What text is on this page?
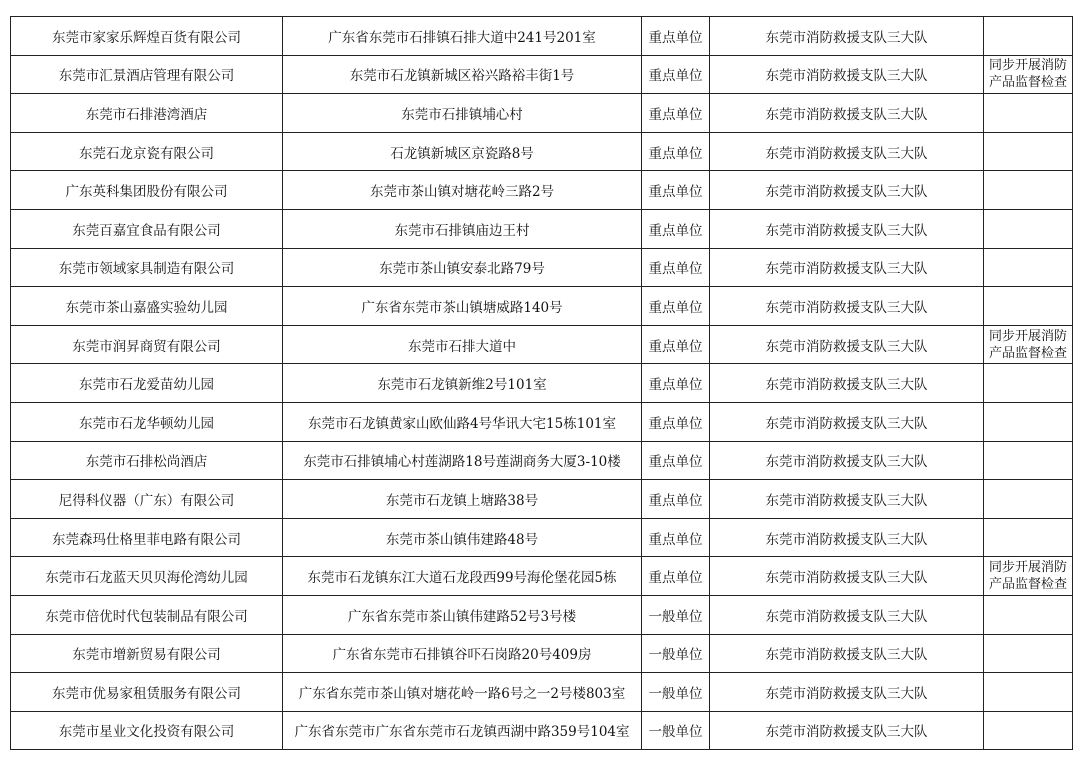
东莞市家家乐辉煌百货有限公司	广东省东莞市石排镇石排大道中241号201室	重点单位	东莞市消防救援支队三大队	
东莞市汇景酒店管理有限公司	东莞市石龙镇新城区裕兴路裕丰街1号	重点单位	东莞市消防救援支队三大队	同步开展消防产品监督检查
东莞市石排港湾酒店	东莞市石排镇埔心村	重点单位	东莞市消防救援支队三大队	
东莞石龙京瓷有限公司	石龙镇新城区京瓷路8号	重点单位	东莞市消防救援支队三大队	
广东英科集团股份有限公司	东莞市茶山镇对塘花岭三路2号	重点单位	东莞市消防救援支队三大队	
东莞百嘉宜食品有限公司	东莞市石排镇庙边王村	重点单位	东莞市消防救援支队三大队	
东莞市领域家具制造有限公司	东莞市茶山镇安泰北路79号	重点单位	东莞市消防救援支队三大队	
东莞市茶山嘉盛实验幼儿园	广东省东莞市茶山镇塘威路140号	重点单位	东莞市消防救援支队三大队	
东莞市润昇商贸有限公司	东莞市石排大道中	重点单位	东莞市消防救援支队三大队	同步开展消防产品监督检查
东莞市石龙爱苗幼儿园	东莞市石龙镇新维2号101室	重点单位	东莞市消防救援支队三大队	
东莞市石龙华顿幼儿园	东莞市石龙镇黄家山欧仙路4号华讯大宅15栋101室	重点单位	东莞市消防救援支队三大队	
东莞市石排松尚酒店	东莞市石排镇埔心村莲湖路18号莲湖商务大厦3-10楼	重点单位	东莞市消防救援支队三大队	
尼得科仪器（广东）有限公司	东莞市石龙镇上塘路38号	重点单位	东莞市消防救援支队三大队	
东莞森玛仕格里菲电路有限公司	东莞市茶山镇伟建路48号	重点单位	东莞市消防救援支队三大队	
东莞市石龙蓝天贝贝海伦湾幼儿园	东莞市石龙镇东江大道石龙段西99号海伦堡花园5栋	重点单位	东莞市消防救援支队三大队	同步开展消防产品监督检查
东莞市倍优时代包装制品有限公司	广东省东莞市茶山镇伟建路52号3号楼	一般单位	东莞市消防救援支队三大队	
东莞市增新贸易有限公司	广东省东莞市石排镇谷吓石岗路20号409房	一般单位	东莞市消防救援支队三大队	
东莞市优易家租赁服务有限公司	广东省东莞市茶山镇对塘花岭一路6号之一2号楼803室	一般单位	东莞市消防救援支队三大队	
东莞市星业文化投资有限公司	广东省东莞市广东省东莞市石龙镇西湖中路359号104室	一般单位	东莞市消防救援支队三大队	
